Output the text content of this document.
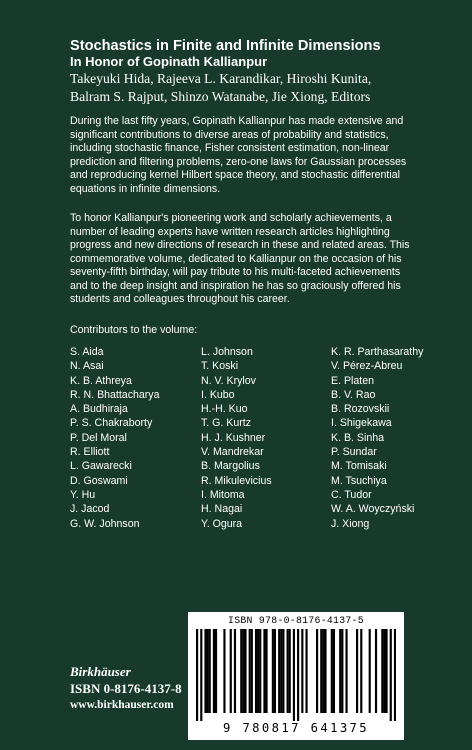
Stochastics in Finite and Infinite Dimensions
In Honor of Gopinath Kallianpur
Takeyuki Hida, Rajeeva L. Karandikar, Hiroshi Kunita,
Balram S. Rajput, Shinzo Watanabe, Jie Xiong, Editors
During the last fifty years, Gopinath Kallianpur has made extensive and
significant contributions to diverse areas of probability and statistics,
including stochastic finance, Fisher consistent estimation, non-linear
prediction and filtering problems, zero-one laws for Gaussian processes
and reproducing kernel Hilbert space theory, and stochastic differential
equations in infinite dimensions.
To honor Kallianpur's pioneering work and scholarly achievements, a
number of leading experts have written research articles highlighting
progress and new directions of research in these and related areas. This
commemorative volume, dedicated to Kallianpur on the occasion of his
seventy-fifth birthday, will pay tribute to his multi-faceted achievements
and to the deep insight and inspiration he has so graciously offered his
students and colleagues throughout his career.
Contributors to the volume:
S. Aida
N. Asai
K. B. Athreya
R. N. Bhattacharya
A. Budhiraja
P. S. Chakraborty
P. Del Moral
R. Elliott
L. Gawarecki
D. Goswami
Y. Hu
J. Jacod
G. W. Johnson
L. Johnson
T. Koski
N. V. Krylov
I. Kubo
H.-H. Kuo
T. G. Kurtz
H. J. Kushner
V. Mandrekar
B. Margolius
R. Mikulevicius
I. Mitoma
H. Nagai
Y. Ogura
K. R. Parthasarathy
V. Pérez-Abreu
E. Platen
B. V. Rao
B. Rozovskii
I. Shigekawa
K. B. Sinha
P. Sundar
M. Tomisaki
M. Tsuchiya
C. Tudor
W. A. Woyczyński
J. Xiong
Birkhäuser
ISBN 0-8176-4137-8
www.birkhauser.com
ISBN 978-0-8176-4137-5
9 780817 641375
